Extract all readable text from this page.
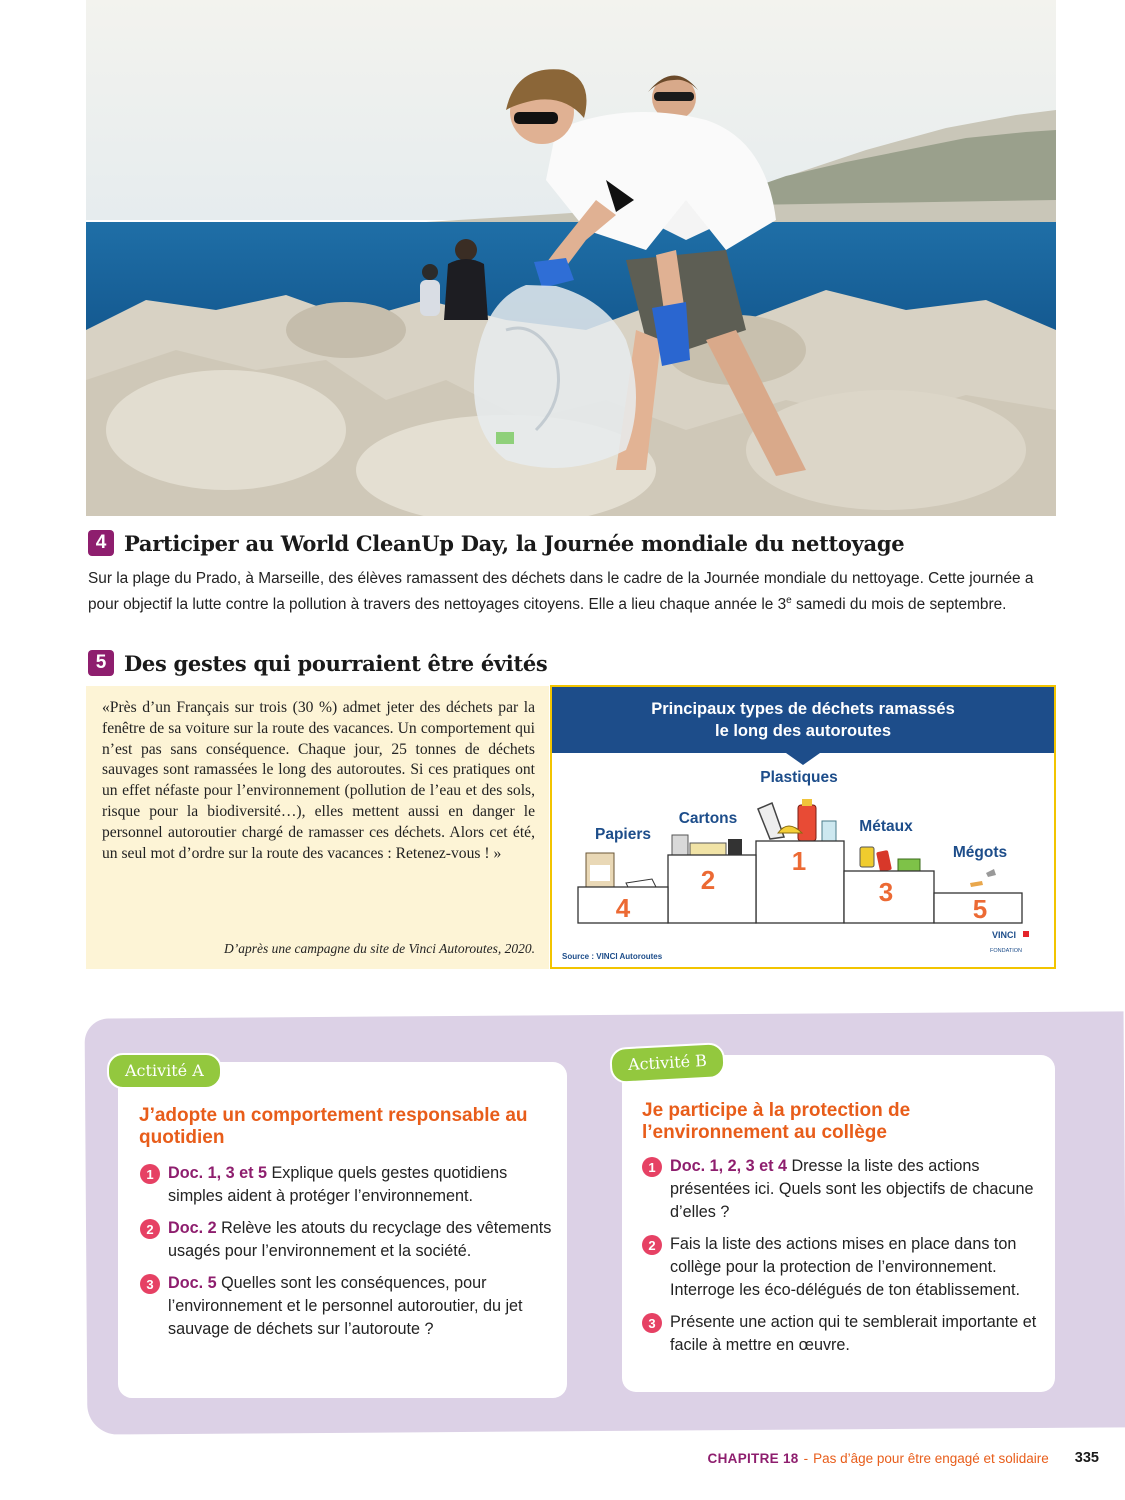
4 Participer au World CleanUp Day, la Journée mondiale du nettoyage

Sur la plage du Prado, à Marseille, des élèves ramassent des déchets dans le cadre de la Journée mondiale du nettoyage. Cette journée a pour objectif la lutte contre la pollution à travers des nettoyages citoyens. Elle a lieu chaque année le 3e samedi du mois de septembre.

5 Des gestes qui pourraient être évités

«Près d’un Français sur trois (30 %) admet jeter des déchets par la fenêtre de sa voiture sur la route des vacances. Un comportement qui n’est pas sans conséquence. Chaque jour, 25 tonnes de déchets sauvages sont ramassées le long des autoroutes. Si ces pratiques ont un effet néfaste pour l’environnement (pollution de l’eau et des sols, risque pour la biodiversité…), elles mettent aussi en danger le personnel autoroutier chargé de ramasser ces déchets. Alors cet été, un seul mot d’ordre sur la route des vacances : Retenez-vous ! »

D’après une campagne du site de Vinci Autoroutes, 2020.

Principaux types de déchets ramassés
le long des autoroutes
Plastiques
Cartons	Métaux
Papiers
Mégots
1
2	3
4	5
Source : VINCI Autoroutes
VINCI
FONDATION
J’adopte un comportement responsable au quotidien
1 Doc. 1, 3 et 5 Explique quels gestes quotidiens simples aident à protéger l’environnement.
2 Doc. 2 Relève les atouts du recyclage des vêtements usagés pour l’environnement et la société.
3 Doc. 5 Quelles sont les conséquences, pour l’environnement et le personnel autoroutier, du jet sauvage de déchets sur l’autoroute ?
Activité A
Je participe à la protection de l’environnement au collège
1 Doc. 1, 2, 3 et 4 Dresse la liste des actions présentées ici. Quels sont les objectifs de chacune d’elles ?
2 Fais la liste des actions mises en place dans ton collège pour la protection de l’environnement. Interroge les éco-délégués de ton établissement.
3 Présente une action qui te semblerait importante et facile à mettre en œuvre.
Activité B
CHAPITRE 18 - Pas d’âge pour être engagé et solidaire 335
